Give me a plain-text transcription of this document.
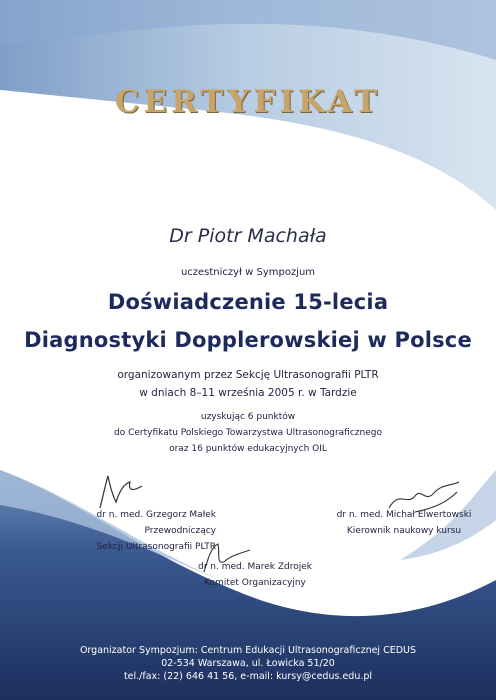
CERTYFIKAT
Dr Piotr Machała
uczestniczył w Sympozjum
Doświadczenie 15-lecia
Diagnostyki Dopplerowskiej w Polsce
organizowanym przez Sekcję Ultrasonografii PLTR
w dniach 8–11 września 2005 r. w Tardzie
uzyskując 6 punktów
do Certyfikatu Polskiego Towarzystwa Ultrasonograficznego
oraz 16 punktów edukacyjnych OIL
dr n. med. Grzegorz Małek
Przewodniczący
Sekcji Ultrasonografii PLTR
dr n. med. Michał Elwertowski
Kierownik naukowy kursu
dr n. med. Marek Zdrojek
Komitet Organizacyjny
Organizator Sympozjum: Centrum Edukacji Ultrasonograficznej CEDUS
02-534 Warszawa, ul. Łowicka 51/20
tel./fax: (22) 646 41 56, e-mail: kursy@cedus.edu.pl
